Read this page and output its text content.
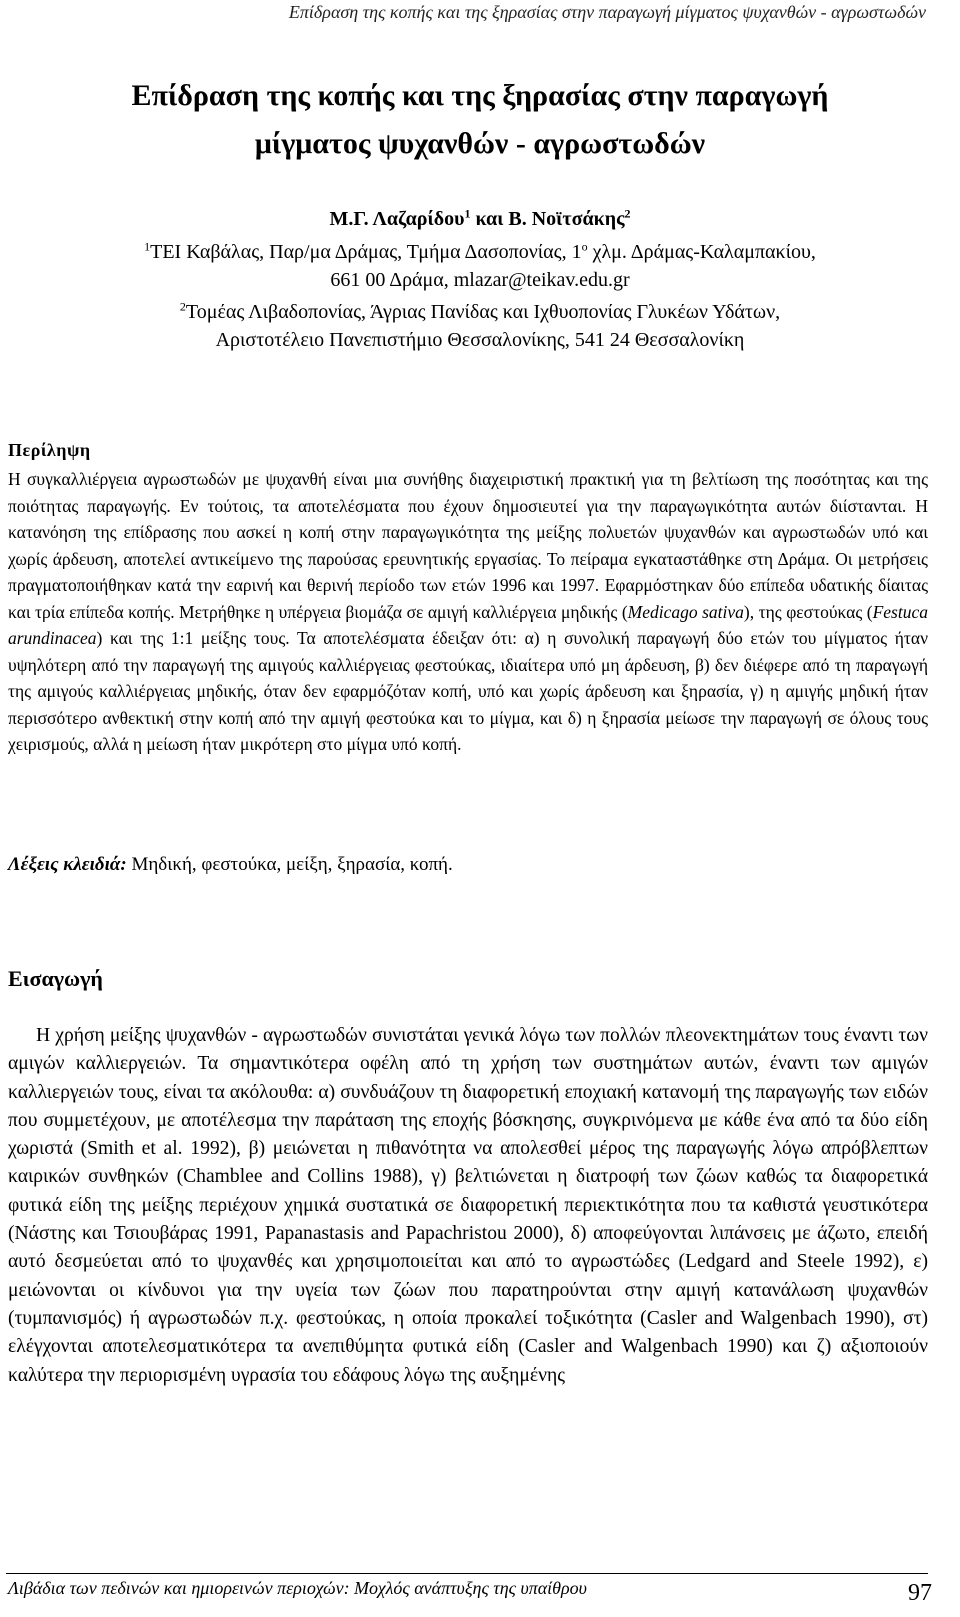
Επίδραση της κοπής και της ξηρασίας στην παραγωγή μίγματος ψυχανθών - αγρωστωδών
Επίδραση της κοπής και της ξηρασίας στην παραγωγή
μίγματος ψυχανθών - αγρωστωδών
Μ.Γ. Λαζαρίδου$^1$ και Β. Νοϊτσάκης$^2$
$^1$ΤΕΙ Καβάλας, Παρ/μα Δράμας, Τμήμα Δασοπονίας, $1^o$ χλμ. Δράμας-Καλαμπακίου,
661 00 Δράμα, mlazar@teikav.edu.gr
$^2$Τομέας Λιβαδοπονίας, Άγριας Πανίδας και Ιχθυοπονίας Γλυκέων Υδάτων,
Αριστοτέλειο Πανεπιστήμιο Θεσσαλονίκης, 541 24 Θεσσαλονίκη
Περίληψη
Η συγκαλλιέργεια αγρωστωδών με ψυχανθή είναι μια συνήθης διαχειριστική πρακτική για τη βελτίωση της ποσότητας και της ποιότητας παραγωγής. Εν τούτοις, τα αποτελέσματα που έχουν δημοσιευτεί για την παραγωγικότητα αυτών διίστανται. Η κατανόηση της επίδρασης που ασκεί η κοπή στην παραγωγικότητα της μείξης πολυετών ψυχανθών και αγρωστωδών υπό και χωρίς άρδευση, αποτελεί αντικείμενο της παρούσας ερευνητικής εργασίας. Το πείραμα εγκαταστάθηκε στη Δράμα. Οι μετρήσεις πραγματοποιήθηκαν κατά την εαρινή και θερινή περίοδο των ετών 1996 και 1997. Εφαρμόστηκαν δύο επίπεδα υδατικής δίαιτας και τρία επίπεδα κοπής. Μετρήθηκε η υπέργεια βιομάζα σε αμιγή καλλιέργεια μηδικής (Medicago sativa), της φεστούκας (Festuca arundinacea) και της 1:1 μείξης τους. Τα αποτελέσματα έδειξαν ότι: α) η συνολική παραγωγή δύο ετών του μίγματος ήταν υψηλότερη από την παραγωγή της αμιγούς καλλιέργειας φεστούκας, ιδιαίτερα υπό μη άρδευση, β) δεν διέφερε από τη παραγωγή της αμιγούς καλλιέργειας μηδικής, όταν δεν εφαρμόζόταν κοπή, υπό και χωρίς άρδευση και ξηρασία, γ) η αμιγής μηδική ήταν περισσότερο ανθεκτική στην κοπή από την αμιγή φεστούκα και το μίγμα, και δ) η ξηρασία μείωσε την παραγωγή σε όλους τους χειρισμούς, αλλά η μείωση ήταν μικρότερη στο μίγμα υπό κοπή.
Λέξεις κλειδιά: Μηδική, φεστούκα, μείξη, ξηρασία, κοπή.
Εισαγωγή
Η χρήση μείξης ψυχανθών - αγρωστωδών συνιστάται γενικά λόγω των πολλών πλεονεκτημάτων τους έναντι των αμιγών καλλιεργειών. Τα σημαντικότερα οφέλη από τη χρήση των συστημάτων αυτών, έναντι των αμιγών καλλιεργειών τους, είναι τα ακόλουθα: α) συνδυάζουν τη διαφορετική εποχιακή κατανομή της παραγωγής των ειδών που συμμετέχουν, με αποτέλεσμα την παράταση της εποχής βόσκησης, συγκρινόμενα με κάθε ένα από τα δύο είδη χωριστά (Smith et al. 1992), β) μειώνεται η πιθανότητα να απολεσθεί μέρος της παραγωγής λόγω απρόβλεπτων καιρικών συνθηκών (Chamblee and Collins 1988), γ) βελτιώνεται η διατροφή των ζώων καθώς τα διαφορετικά φυτικά είδη της μείξης περιέχουν χημικά συστατικά σε διαφορετική περιεκτικότητα που τα καθιστά γευστικότερα (Νάστης και Τσιουβάρας 1991, Papanastasis and Papachristou 2000), δ) αποφεύγονται λιπάνσεις με άζωτο, επειδή αυτό δεσμεύεται από το ψυχανθές και χρησιμοποιείται και από το αγρωστώδες (Ledgard and Steele 1992), ε) μειώνονται οι κίνδυνοι για την υγεία των ζώων που παρατηρούνται στην αμιγή κατανάλωση ψυχανθών (τυμπανισμός) ή αγρωστωδών π.χ. φεστούκας, η οποία προκαλεί τοξικότητα (Casler and Walgenbach 1990), στ) ελέγχονται αποτελεσματικότερα τα ανεπιθύμητα φυτικά είδη (Casler and Walgenbach 1990) και ζ) αξιοποιούν καλύτερα την περιορισμένη υγρασία του εδάφους λόγω της αυξημένης
Λιβάδια των πεδινών και ημιορεινών περιοχών: Μοχλός ανάπτυξης της υπαίθρου	97
